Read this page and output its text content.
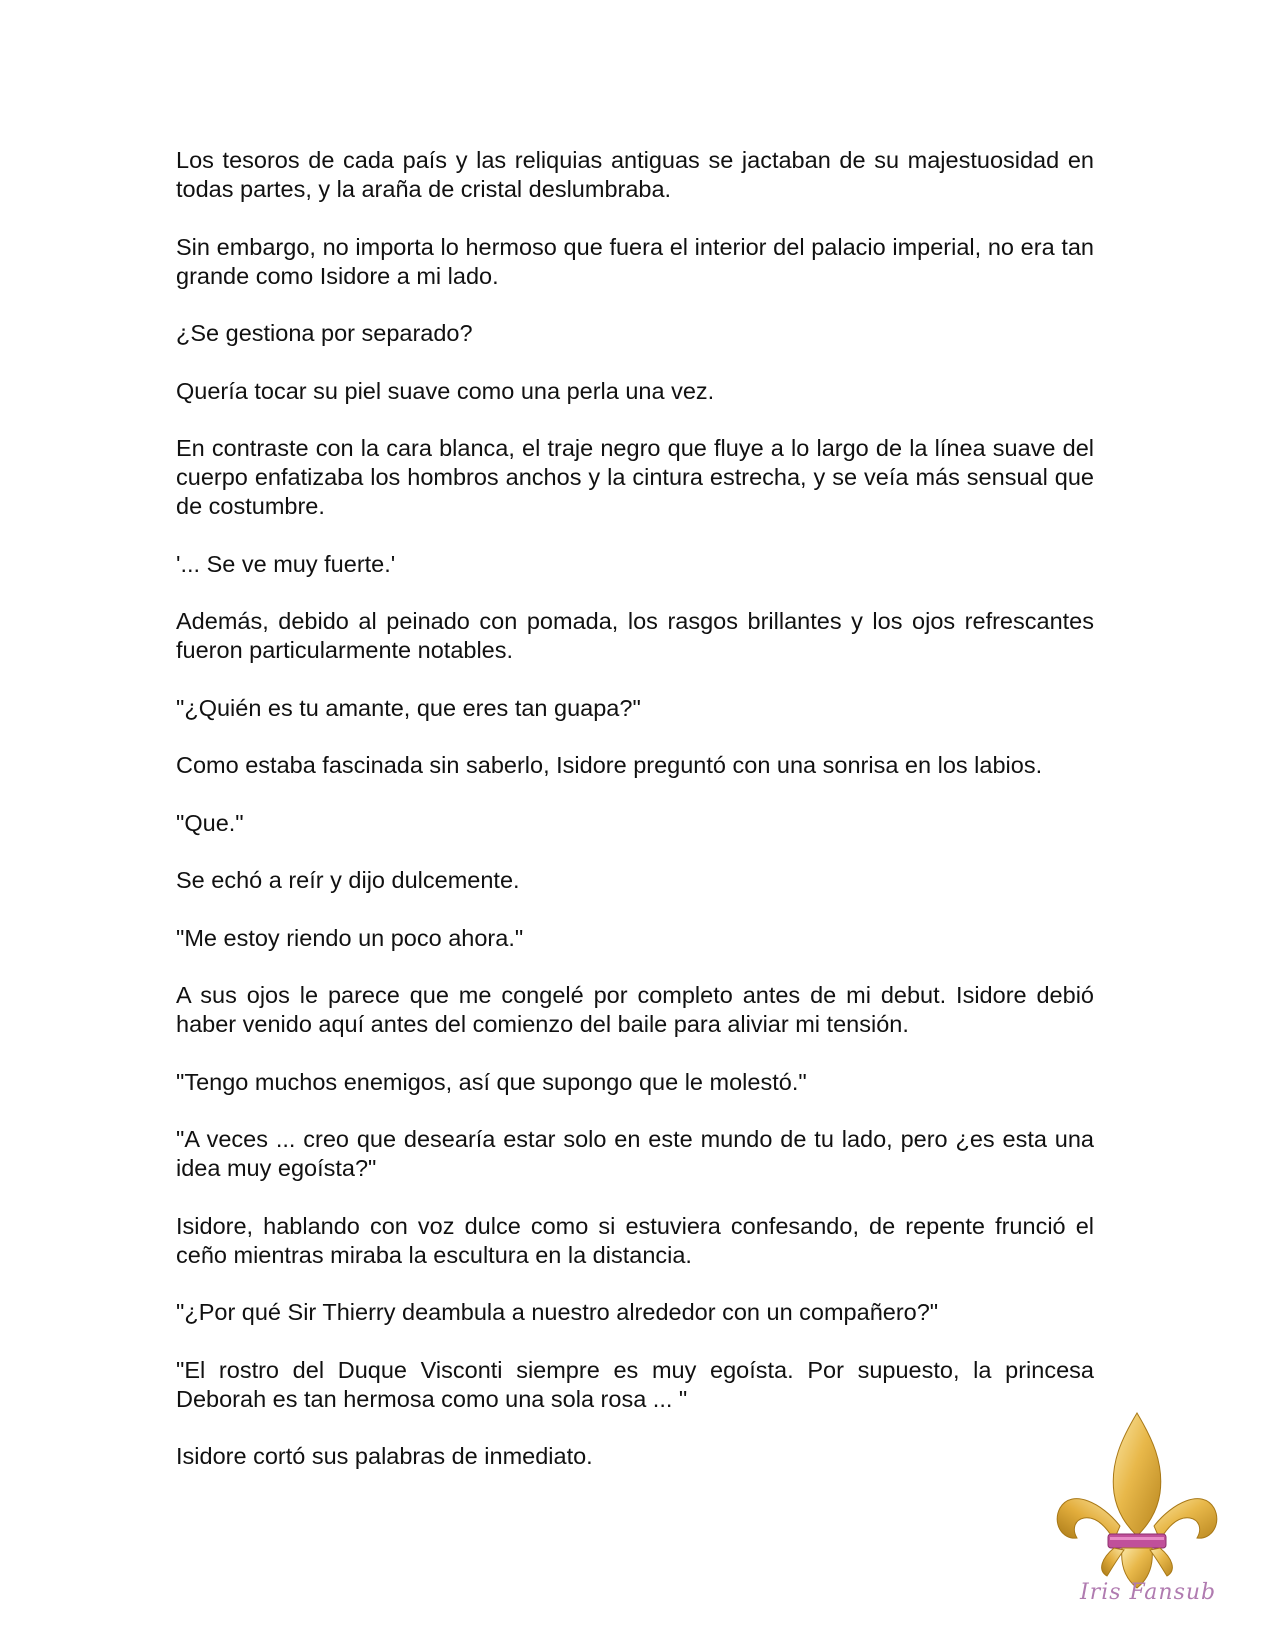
Los tesoros de cada país y las reliquias antiguas se jactaban de su majestuosidad en todas partes, y la araña de cristal deslumbraba.

Sin embargo, no importa lo hermoso que fuera el interior del palacio imperial, no era tan grande como Isidore a mi lado.

¿Se gestiona por separado?

Quería tocar su piel suave como una perla una vez.

En contraste con la cara blanca, el traje negro que fluye a lo largo de la línea suave del cuerpo enfatizaba los hombros anchos y la cintura estrecha, y se veía más sensual que de costumbre.

'... Se ve muy fuerte.'

Además, debido al peinado con pomada, los rasgos brillantes y los ojos refrescantes fueron particularmente notables.

"¿Quién es tu amante, que eres tan guapa?"

Como estaba fascinada sin saberlo, Isidore preguntó con una sonrisa en los labios.

"Que."

Se echó a reír y dijo dulcemente.

"Me estoy riendo un poco ahora."

A sus ojos le parece que me congelé por completo antes de mi debut. Isidore debió haber venido aquí antes del comienzo del baile para aliviar mi tensión.

"Tengo muchos enemigos, así que supongo que le molestó."

"A veces ... creo que desearía estar solo en este mundo de tu lado, pero ¿es esta una idea muy egoísta?"

Isidore, hablando con voz dulce como si estuviera confesando, de repente frunció el ceño mientras miraba la escultura en la distancia.

"¿Por qué Sir Thierry deambula a nuestro alrededor con un compañero?"

"El rostro del Duque Visconti siempre es muy egoísta. Por supuesto, la princesa Deborah es tan hermosa como una sola rosa ... "

Isidore cortó sus palabras de inmediato.

Iris Fansub
